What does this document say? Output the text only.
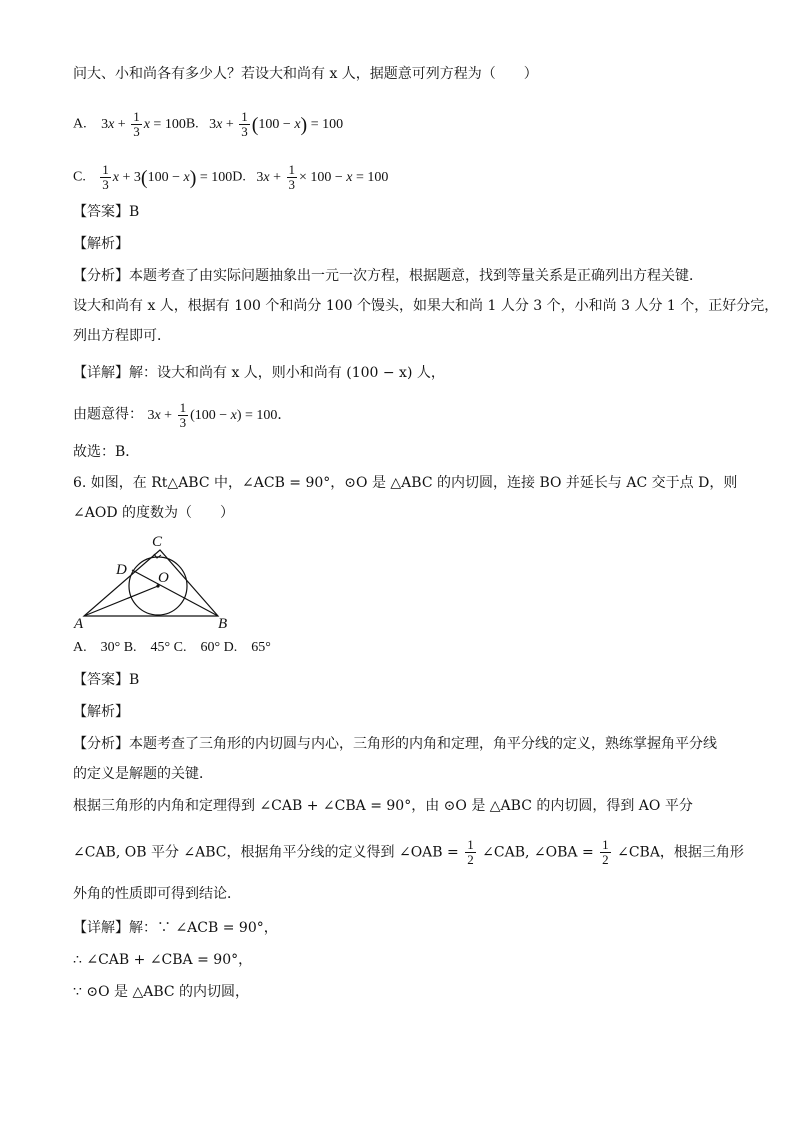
问大、小和尚各有多少人？若设大和尚有 x 人，据题意可列方程为（　　）
A. $3x + \frac{1}{3}$ x = 100B. $3x + \frac{1}{3} (100 - x) = 100$
C. $\frac{1}{3}$ x + 3(100 − x) = 100D. $3x + \frac{1}{3} \times 100 - x = 100$
【答案】B
【解析】
【分析】本题考查了由实际问题抽象出一元一次方程，根据题意，找到等量关系是正确列出方程关键．
设大和尚有 x 人，根据有 100 个和尚分 100 个馒头，如果大和尚 1 人分 3 个，小和尚 3 人分 1 个，正好分完，
列出方程即可．
【详解】解：设大和尚有 x 人，则小和尚有 (100 − x) 人，
由题意得： $3x + \frac{1}{3} (100 - x) = 100$．
故选：B．
6. 如图，在 Rt△ABC 中，∠ACB = 90°，⊙O 是 △ABC 的内切圆，连接 BO 并延长与 AC 交于点 D，则
∠AOD 的度数为（　　）
A	B
C
D O
A.　30° B.　45° C.　60° D.　65°
【答案】B
【解析】
【分析】本题考查了三角形的内切圆与内心，三角形的内角和定理，角平分线的定义，熟练掌握角平分线
的定义是解题的关键．
根据三角形的内角和定理得到 ∠CAB + ∠CBA = 90°，由 ⊙O 是 △ABC 的内切圆，得到 AO 平分
∠CAB, OB 平分 ∠ABC，根据角平分线的定义得到 ∠OAB = $\frac{1}{2}$ ∠CAB, ∠OBA = $\frac{1}{2}$ ∠CBA，根据三角形
外角的性质即可得到结论．
【详解】解：∵ ∠ACB = 90°，
∴ ∠CAB + ∠CBA = 90°，
∵ ⊙O 是 △ABC 的内切圆，
